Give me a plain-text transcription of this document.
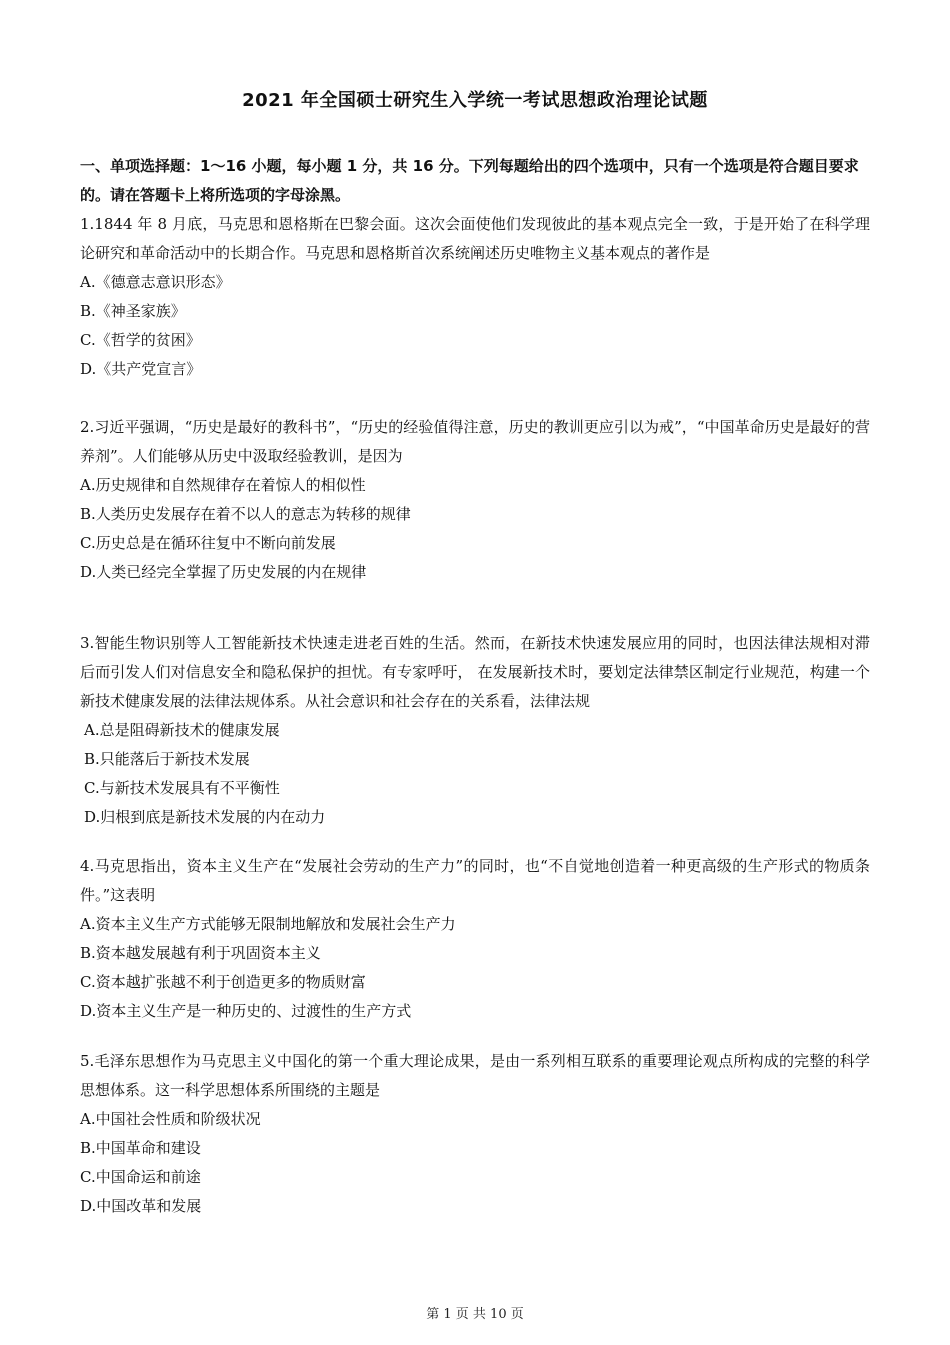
2021 年全国硕士研究生入学统一考试思想政治理论试题
一、单项选择题：1～16 小题，每小题 1 分，共 16 分。下列每题给出的四个选项中，只有一个选项是符合题目要求的。请在答题卡上将所选项的字母涂黑。
1.1844 年 8 月底，马克思和恩格斯在巴黎会面。这次会面使他们发现彼此的基本观点完全一致，于是开始了在科学理论研究和革命活动中的长期合作。马克思和恩格斯首次系统阐述历史唯物主义基本观点的著作是
A.《德意志意识形态》
B.《神圣家族》
C.《哲学的贫困》
D.《共产党宣言》
2.习近平强调，“历史是最好的教科书”，“历史的经验值得注意，历史的教训更应引以为戒”，“中国革命历史是最好的营养剂”。人们能够从历史中汲取经验教训，是因为
A.历史规律和自然规律存在着惊人的相似性
B.人类历史发展存在着不以人的意志为转移的规律
C.历史总是在循环往复中不断向前发展
D.人类已经完全掌握了历史发展的内在规律
3.智能生物识别等人工智能新技术快速走进老百姓的生活。然而，在新技术快速发展应用的同时，也因法律法规相对滞后而引发人们对信息安全和隐私保护的担忧。有专家呼吁， 在发展新技术时，要划定法律禁区制定行业规范，构建一个新技术健康发展的法律法规体系。从社会意识和社会存在的关系看，法律法规
A.总是阻碍新技术的健康发展
B.只能落后于新技术发展
C.与新技术发展具有不平衡性
D.归根到底是新技术发展的内在动力
4.马克思指出，资本主义生产在“发展社会劳动的生产力”的同时，也“不自觉地创造着一种更高级的生产形式的物质条件。”这表明
A.资本主义生产方式能够无限制地解放和发展社会生产力
B.资本越发展越有利于巩固资本主义
C.资本越扩张越不利于创造更多的物质财富
D.资本主义生产是一种历史的、过渡性的生产方式
5.毛泽东思想作为马克思主义中国化的第一个重大理论成果，是由一系列相互联系的重要理论观点所构成的完整的科学思想体系。这一科学思想体系所围绕的主题是
A.中国社会性质和阶级状况
B.中国革命和建设
C.中国命运和前途
D.中国改革和发展
第 1 页 共 10 页
